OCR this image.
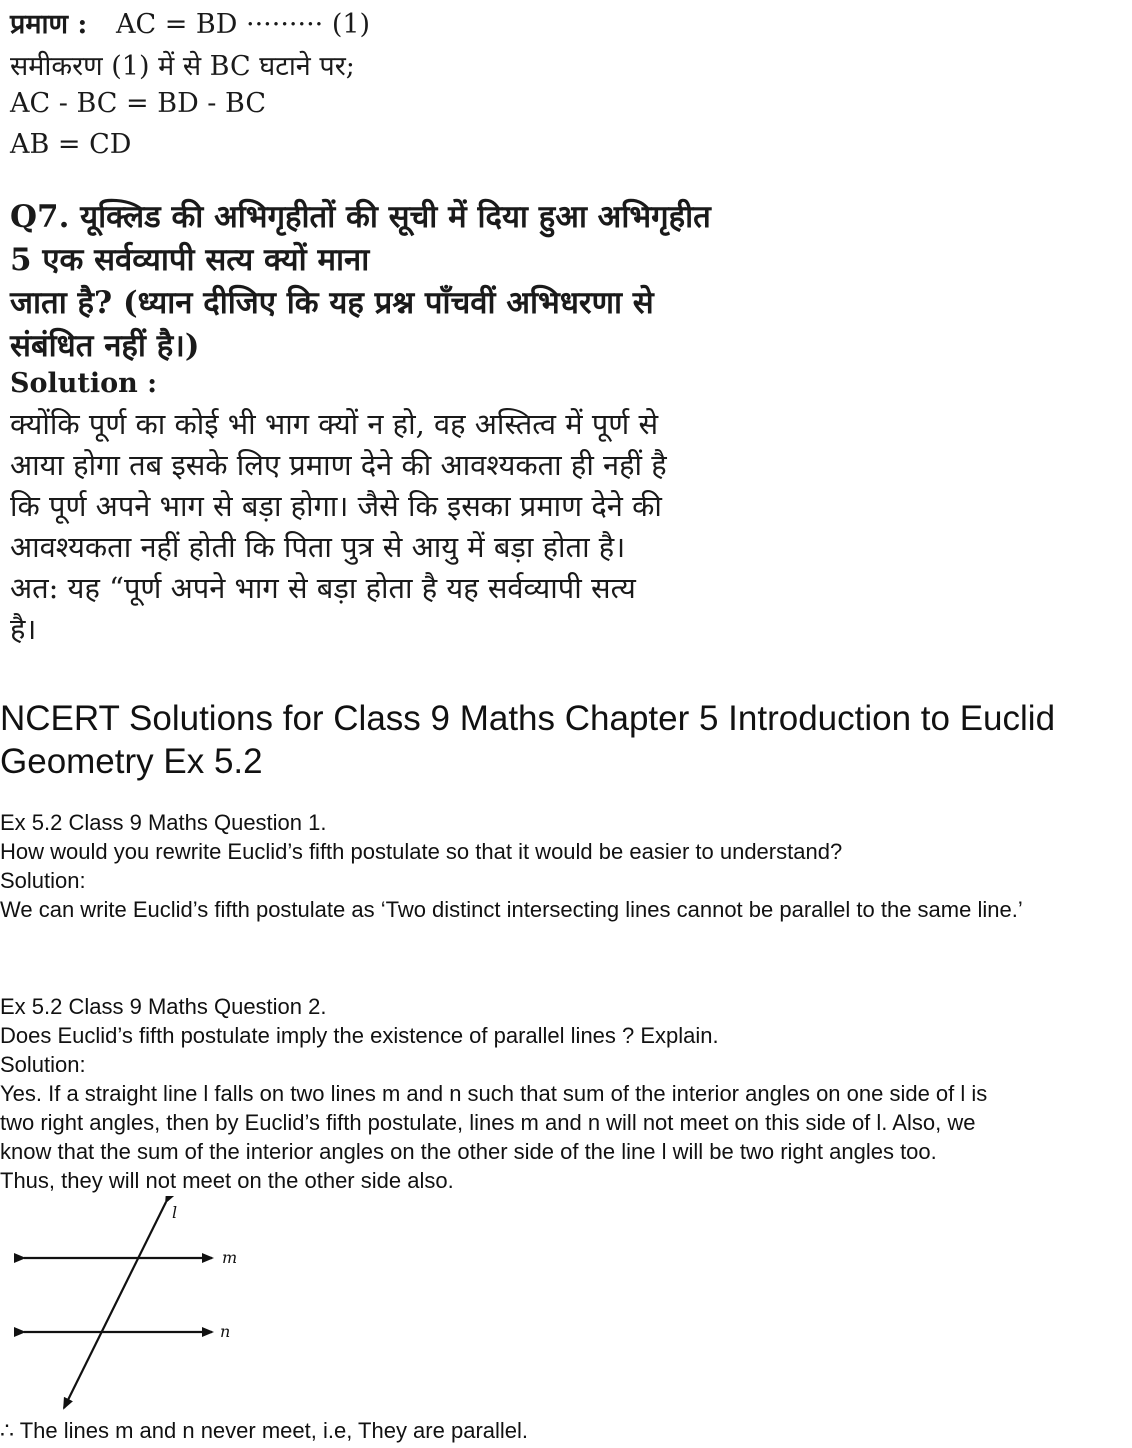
प्रमाण : AC = BD ········· (1)
समीकरण (1) में से BC घटाने पर;
AC - BC = BD - BC
AB = CD
Q7. यूक्लिड की अभिगृहीतों की सूची में दिया हुआ अभिगृहीत
5 एक सर्वव्यापी सत्य क्यों माना
जाता है? (ध्यान दीजिए कि यह प्रश्न पाँचवीं अभिधरणा से
संबंधित नहीं है।)
Solution :
क्योंकि पूर्ण का कोई भी भाग क्यों न हो, वह अस्तित्व में पूर्ण से
आया होगा तब इसके लिए प्रमाण देने की आवश्यकता ही नहीं है
कि पूर्ण अपने भाग से बड़ा होगा। जैसे कि इसका प्रमाण देने की
आवश्यकता नहीं होती कि पिता पुत्र से आयु में बड़ा होता है।
अत: यह “पूर्ण अपने भाग से बड़ा होता है यह सर्वव्यापी सत्य
है।
NCERT Solutions for Class 9 Maths Chapter 5 Introduction to Euclid Geometry Ex 5.2
Ex 5.2 Class 9 Maths Question 1.
How would you rewrite Euclid’s fifth postulate so that it would be easier to understand?
Solution:
We can write Euclid’s fifth postulate as ‘Two distinct intersecting lines cannot be parallel to the same line.’
Ex 5.2 Class 9 Maths Question 2.
Does Euclid’s fifth postulate imply the existence of parallel lines ? Explain.
Solution:
Yes. If a straight line l falls on two lines m and n such that sum of the interior angles on one side of l is
two right angles, then by Euclid’s fifth postulate, lines m and n will not meet on this side of l. Also, we
know that the sum of the interior angles on the other side of the line l will be two right angles too.
Thus, they will not meet on the other side also.
l
m
n
∴ The lines m and n never meet, i.e, They are parallel.
